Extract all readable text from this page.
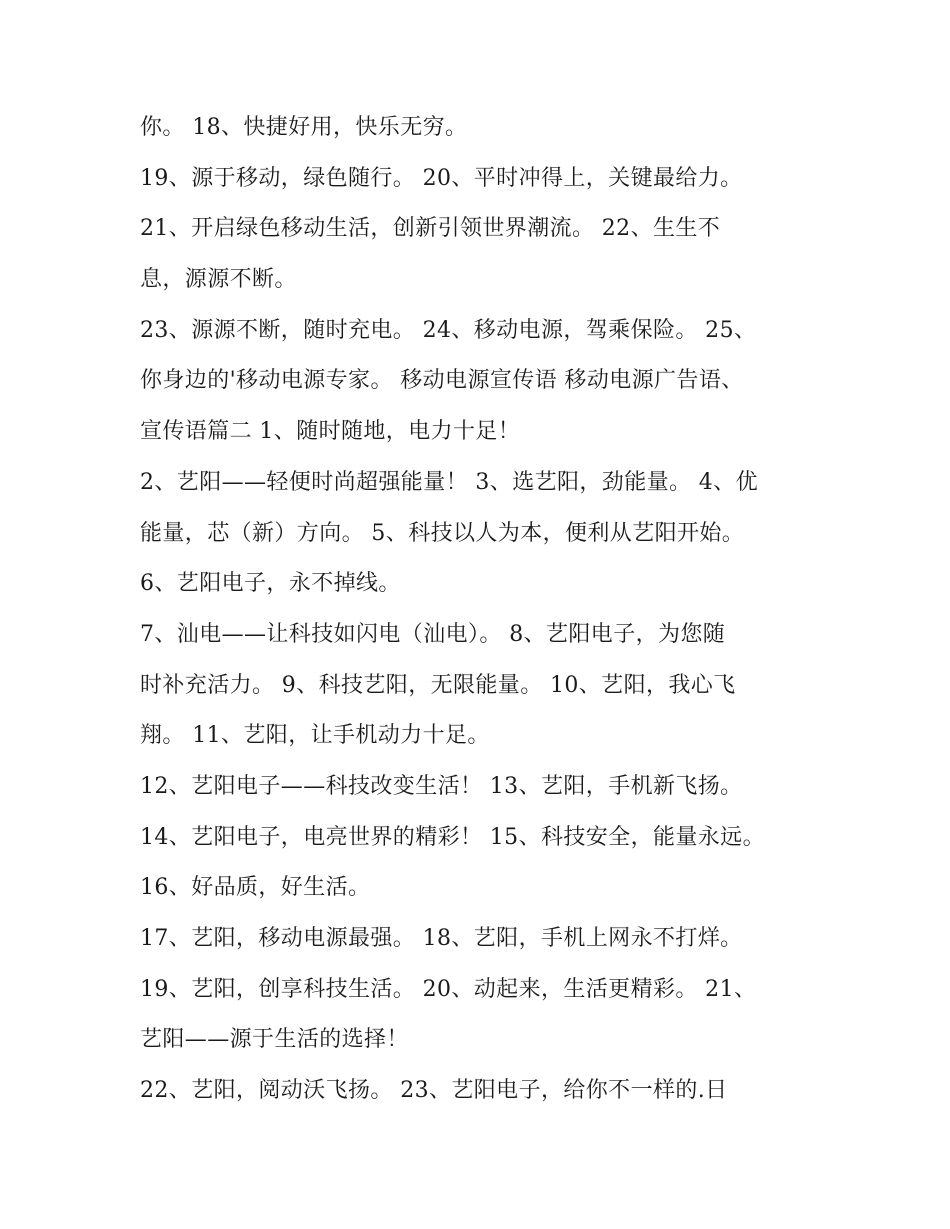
你。 18、快捷好用，快乐无穷。
19、源于移动，绿色随行。 20、平时冲得上，关键最给力。
21、开启绿色移动生活，创新引领世界潮流。 22、生生不
息，源源不断。
23、源源不断，随时充电。 24、移动电源，驾乘保险。 25、
你身边的'移动电源专家。 移动电源宣传语 移动电源广告语、
宣传语篇二 1、随时随地，电力十足！
2、艺阳——轻便时尚超强能量！ 3、选艺阳，劲能量。 4、优
能量，芯（新）方向。 5、科技以人为本，便利从艺阳开始。
6、艺阳电子，永不掉线。
7、汕电——让科技如闪电（汕电）。 8、艺阳电子，为您随
时补充活力。 9、科技艺阳，无限能量。 10、艺阳，我心飞
翔。 11、艺阳，让手机动力十足。
12、艺阳电子——科技改变生活！ 13、艺阳，手机新飞扬。
14、艺阳电子，电亮世界的精彩！ 15、科技安全，能量永远。
16、好品质，好生活。
17、艺阳，移动电源最强。 18、艺阳，手机上网永不打烊。
19、艺阳，创享科技生活。 20、动起来，生活更精彩。 21、
艺阳——源于生活的选择！
22、艺阳，阅动沃飞扬。 23、艺阳电子，给你不一样的.日
